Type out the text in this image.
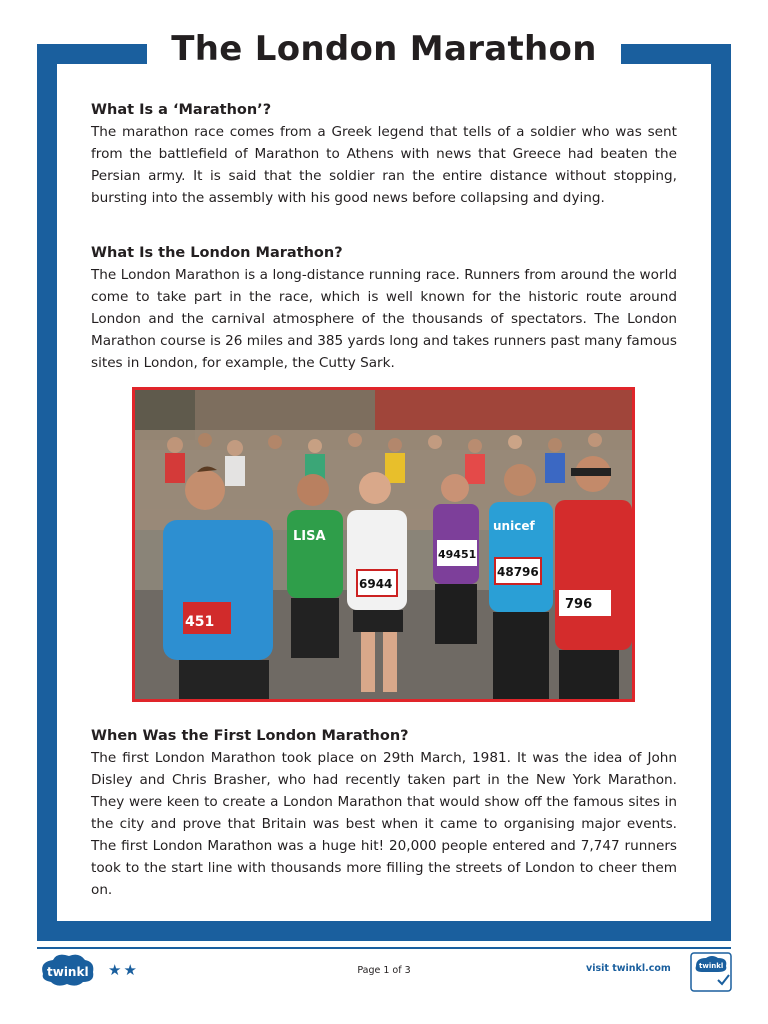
The London Marathon
What Is a ‘Marathon’?

The marathon race comes from a Greek legend that tells of a soldier who was sent from the battlefield of Marathon to Athens with news that Greece had beaten the Persian army. It is said that the soldier ran the entire distance without stopping, bursting into the assembly with his good news before collapsing and dying.

What Is the London Marathon?

The London Marathon is a long-distance running race. Runners from around the world come to take part in the race, which is well known for the historic route around London and the carnival atmosphere of the thousands of spectators. The London Marathon course is 26 miles and 385 yards long and takes runners past many famous sites in London, for example, the Cutty Sark.

451
LISA
6944
49451
unicef
48796
796
When Was the First London Marathon?

The first London Marathon took place on 29th March, 1981. It was the idea of John Disley and Chris Brasher, who had recently taken part in the New York Marathon. They were keen to create a London Marathon that would show off the famous sites in the city and prove that Britain was best when it came to organising major events. The first London Marathon was a huge hit! 20,000 people entered and 7,747 runners took to the start line with thousands more filling the streets of London to cheer them on.

twinkl ★★	Page 1 of 3	visit twinkl.com	twinkl
